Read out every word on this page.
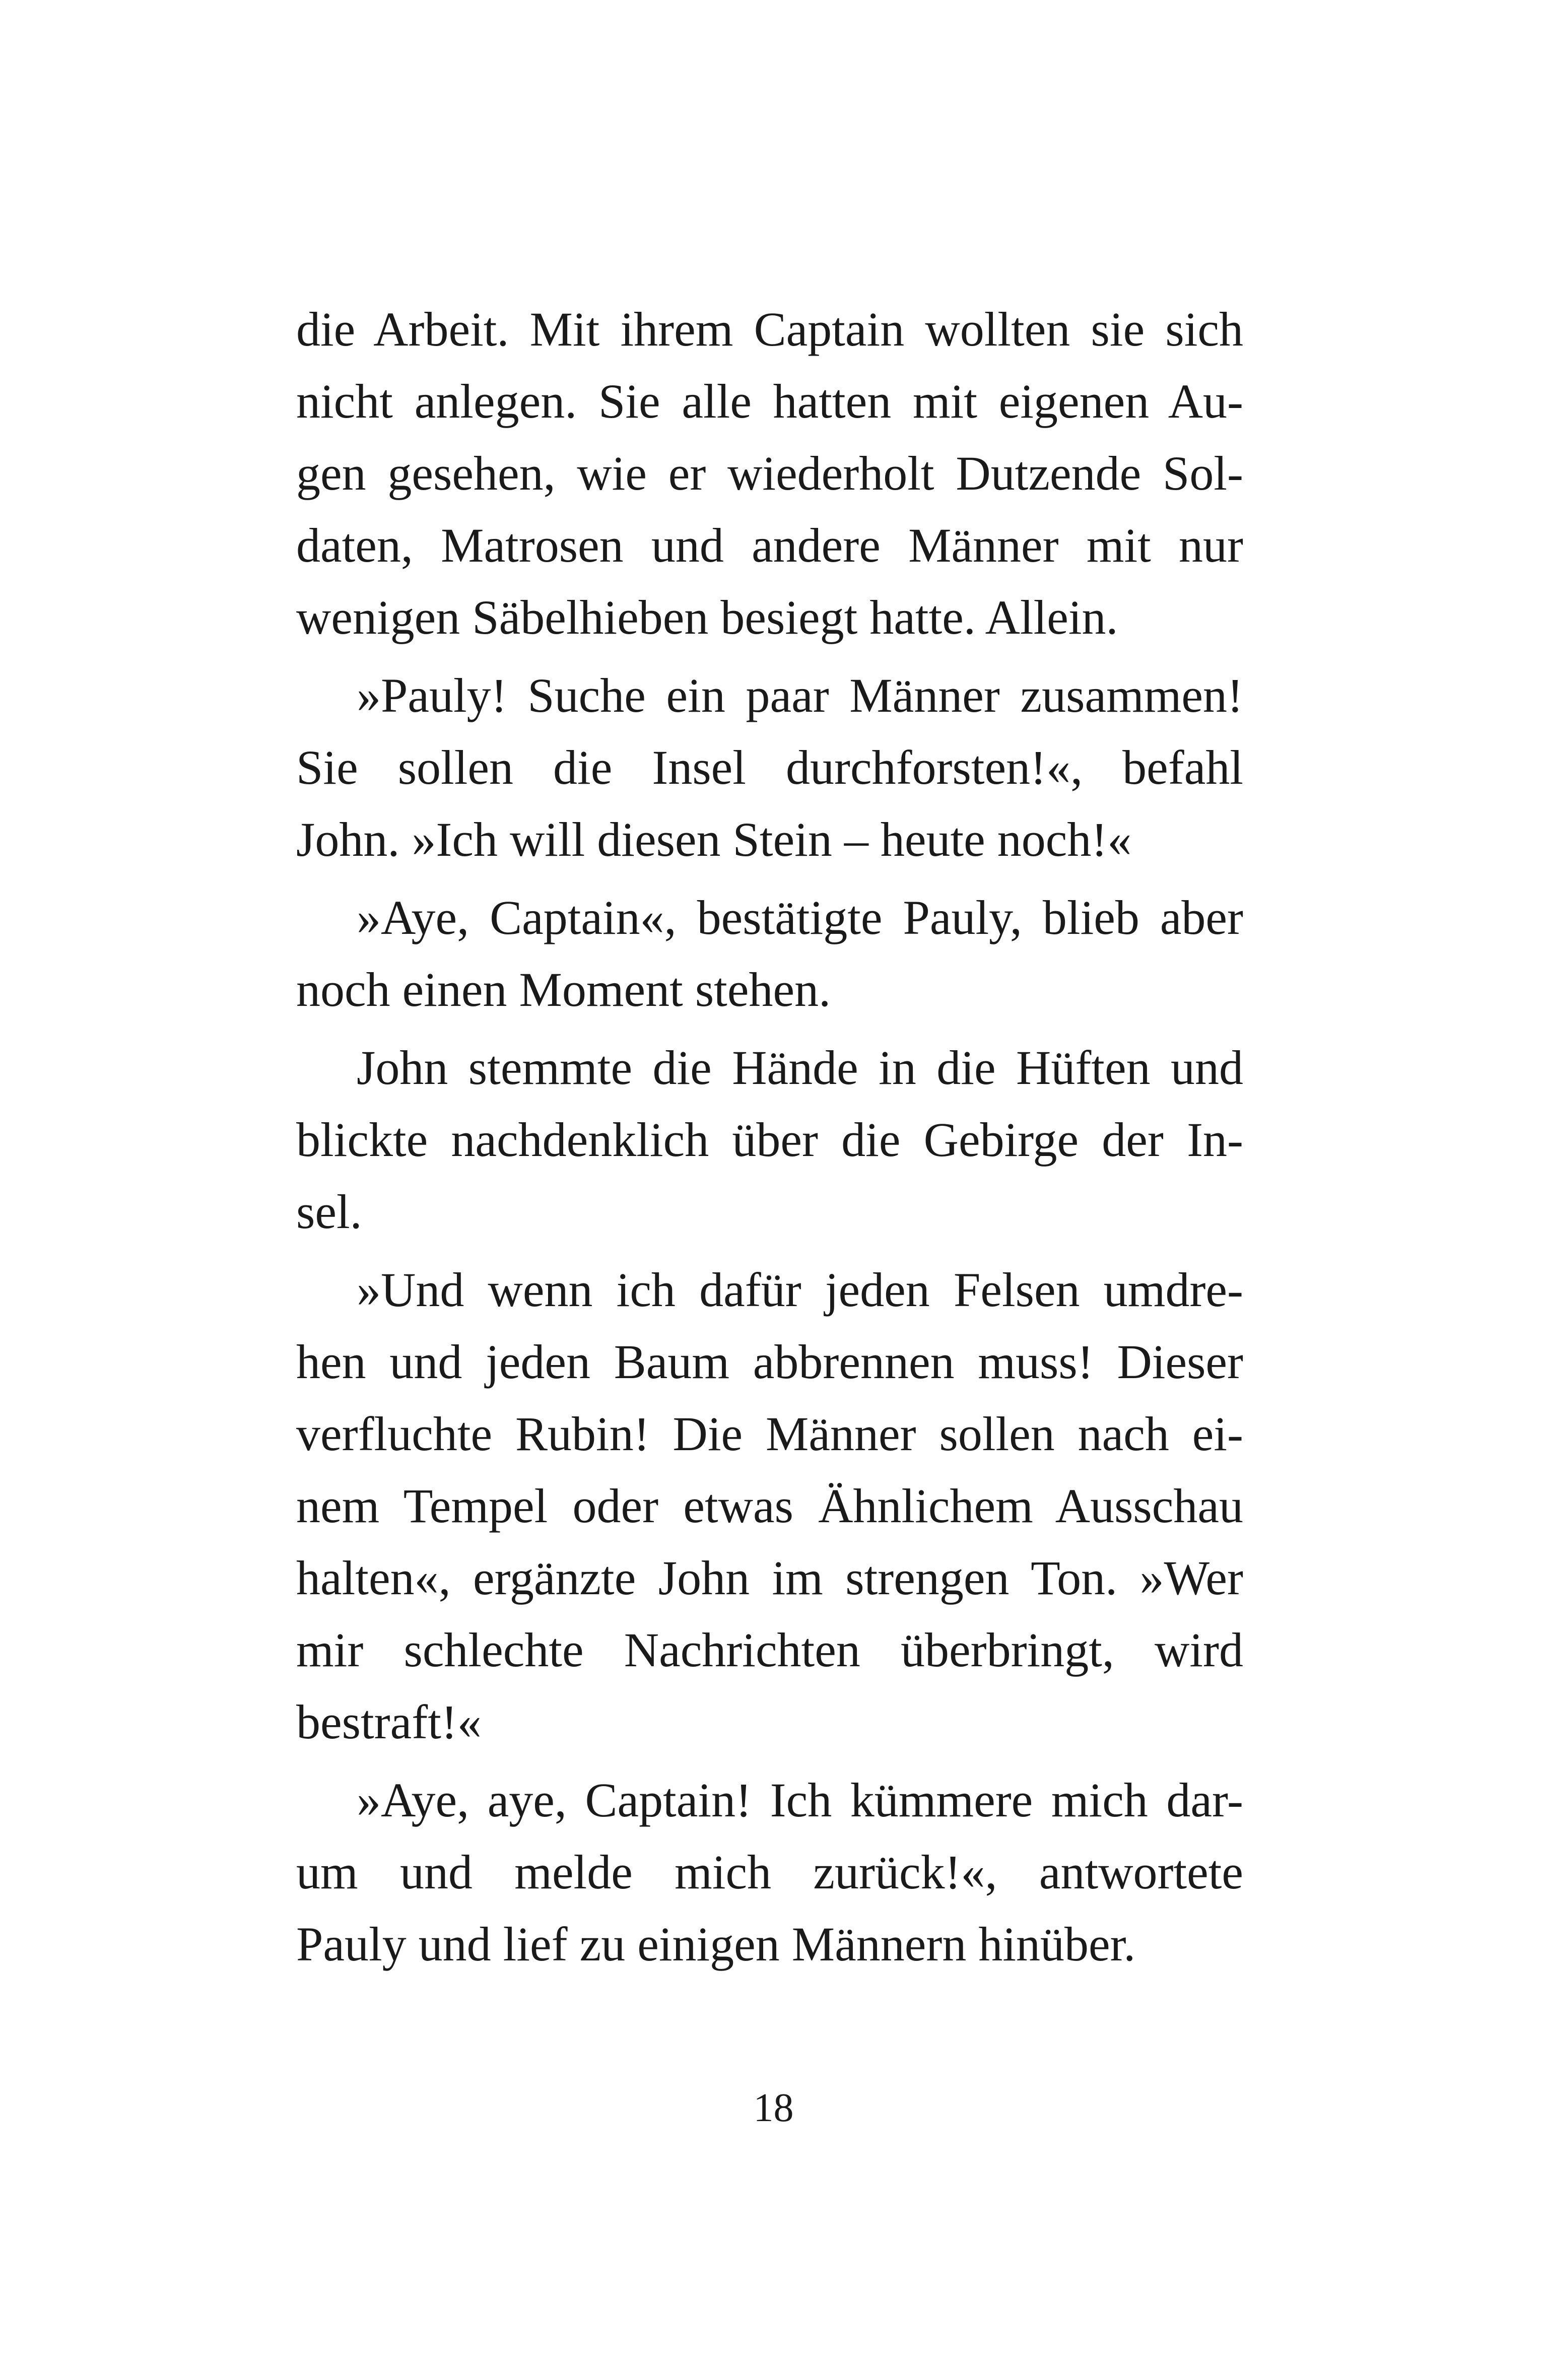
die Arbeit. Mit ihrem Captain wollten sie sich
nicht anlegen. Sie alle hatten mit eigenen Au-
gen gesehen, wie er wiederholt Dutzende Sol-
daten, Matrosen und andere Männer mit nur
wenigen Säbelhieben besiegt hatte. Allein.
»Pauly! Suche ein paar Männer zusammen!
Sie sollen die Insel durchforsten!«, befahl
John. »Ich will diesen Stein – heute noch!«
»Aye, Captain«, bestätigte Pauly, blieb aber
noch einen Moment stehen.
John stemmte die Hände in die Hüften und
blickte nachdenklich über die Gebirge der In-
sel.
»Und wenn ich dafür jeden Felsen umdre-
hen und jeden Baum abbrennen muss! Dieser
verfluchte Rubin! Die Männer sollen nach ei-
nem Tempel oder etwas Ähnlichem Ausschau
halten«, ergänzte John im strengen Ton. »Wer
mir schlechte Nachrichten überbringt, wird
bestraft!«
»Aye, aye, Captain! Ich kümmere mich dar-
um und melde mich zurück!«, antwortete
Pauly und lief zu einigen Männern hinüber.
18
